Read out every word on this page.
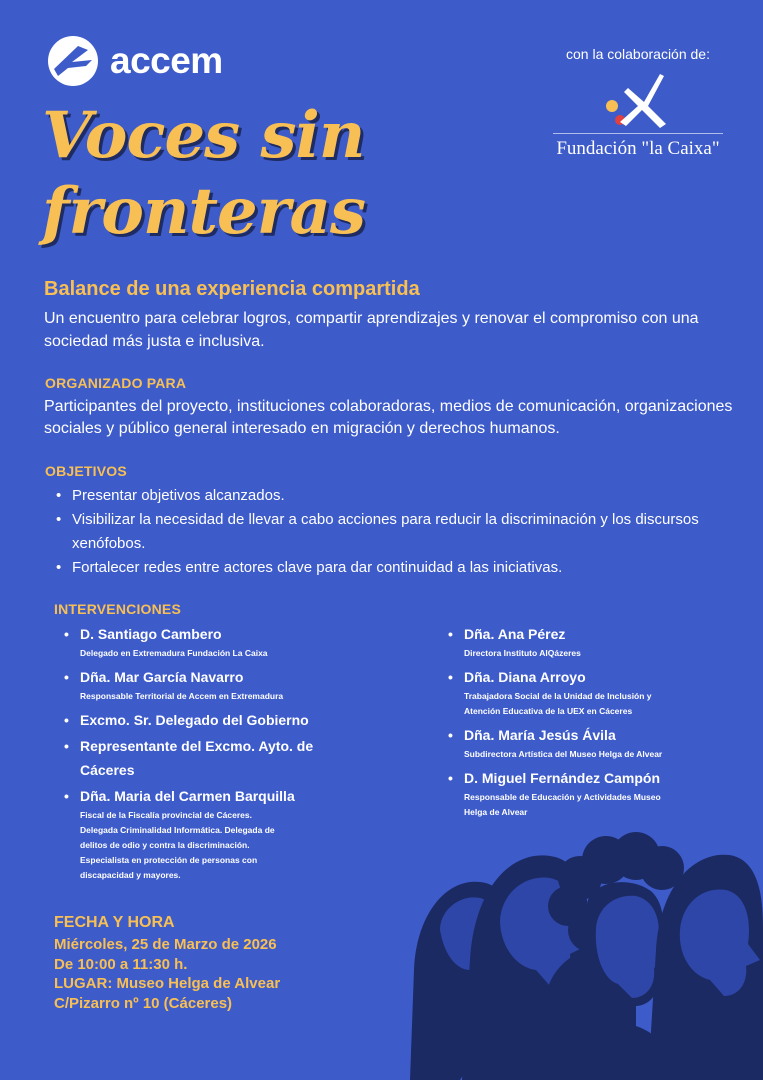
accem	con la colaboración de:
Fundación "la Caixa"
Voces sin
fronteras
Balance de una experiencia compartida
Un encuentro para celebrar logros, compartir aprendizajes y renovar el compromiso con una sociedad más justa e inclusiva.
ORGANIZADO PARA
Participantes del proyecto, instituciones colaboradoras, medios de comunicación, organizaciones sociales y público general interesado en migración y derechos humanos.
OBJETIVOS
• Presentar objetivos alcanzados.
• Visibilizar la necesidad de llevar a cabo acciones para reducir la discriminación y los discursos xenófobos.
• Fortalecer redes entre actores clave para dar continuidad a las iniciativas.
INTERVENCIONES
• D. Santiago Cambero
Delegado en Extremadura Fundación La Caixa
• Dña. Mar García Navarro
Responsable Territorial de Accem en Extremadura
• Excmo. Sr. Delegado del Gobierno
• Representante del Excmo. Ayto. de Cáceres
• Dña. Maria del Carmen Barquilla
Fiscal de la Fiscalía provincial de Cáceres.
Delegada Criminalidad Informática. Delegada de
delitos de odio y contra la discriminación.
Especialista en protección de personas con
discapacidad y mayores.
• Dña. Ana Pérez
Directora Instituto AlQázeres
• Dña. Diana Arroyo
Trabajadora Social de la Unidad de Inclusión y
Atención Educativa de la UEX en Cáceres
• Dña. María Jesús Ávila
Subdirectora Artística del Museo Helga de Alvear
• D. Miguel Fernández Campón
Responsable de Educación y Actividades Museo
Helga de Alvear
FECHA Y HORA
Miércoles, 25 de Marzo de 2026
De 10:00 a 11:30 h.
LUGAR: Museo Helga de Alvear
C/Pizarro nº 10 (Cáceres)
